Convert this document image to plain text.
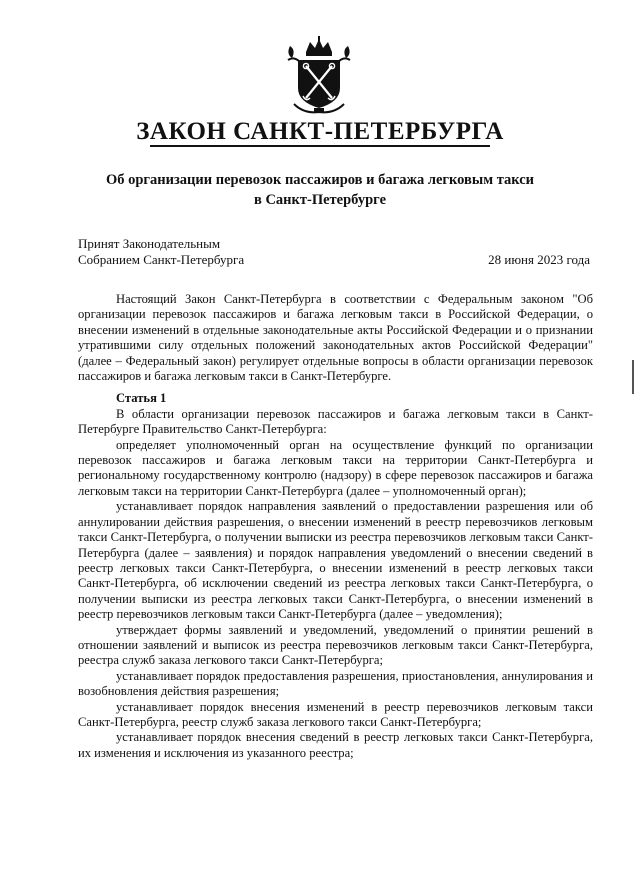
ЗАКОН САНКТ-ПЕТЕРБУРГА
Об организации перевозок пассажиров и багажа легковым такси
в Санкт-Петербурге
Принят Законодательным
Собранием Санкт-Петербурга	28 июня 2023 года

Настоящий Закон Санкт-Петербурга в соответствии с Федеральным законом "Об организации перевозок пассажиров и багажа легковым такси в Российской Федерации, о внесении изменений в отдельные законодательные акты Российской Федерации и о признании утратившими силу отдельных положений законодательных актов Российской Федерации" (далее – Федеральный закон) регулирует отдельные вопросы в области организации перевозок пассажиров и багажа легковым такси в Санкт-Петербурге.

Статья 1

В области организации перевозок пассажиров и багажа легковым такси в Санкт-Петербурге Правительство Санкт-Петербурга:

определяет уполномоченный орган на осуществление функций по организации перевозок пассажиров и багажа легковым такси на территории Санкт-Петербурга и региональному государственному контролю (надзору) в сфере перевозок пассажиров и багажа легковым такси на территории Санкт-Петербурга (далее – уполномоченный орган);

устанавливает порядок направления заявлений о предоставлении разрешения или об аннулировании действия разрешения, о внесении изменений в реестр перевозчиков легковым такси Санкт-Петербурга, о получении выписки из реестра перевозчиков легковым такси Санкт-Петербурга (далее – заявления) и порядок направления уведомлений о внесении сведений в реестр легковых такси Санкт-Петербурга, о внесении изменений в реестр легковых такси Санкт-Петербурга, об исключении сведений из реестра легковых такси Санкт-Петербурга, о получении выписки из реестра легковых такси Санкт-Петербурга, о внесении изменений в реестр перевозчиков легковым такси Санкт-Петербурга (далее – уведомления);

утверждает формы заявлений и уведомлений, уведомлений о принятии решений в отношении заявлений и выписок из реестра перевозчиков легковым такси Санкт-Петербурга, реестра служб заказа легкового такси Санкт-Петербурга;

устанавливает порядок предоставления разрешения, приостановления, аннулирования и возобновления действия разрешения;

устанавливает порядок внесения изменений в реестр перевозчиков легковым такси Санкт-Петербурга, реестр служб заказа легкового такси Санкт-Петербурга;

устанавливает порядок внесения сведений в реестр легковых такси Санкт-Петербурга, их изменения и исключения из указанного реестра;
